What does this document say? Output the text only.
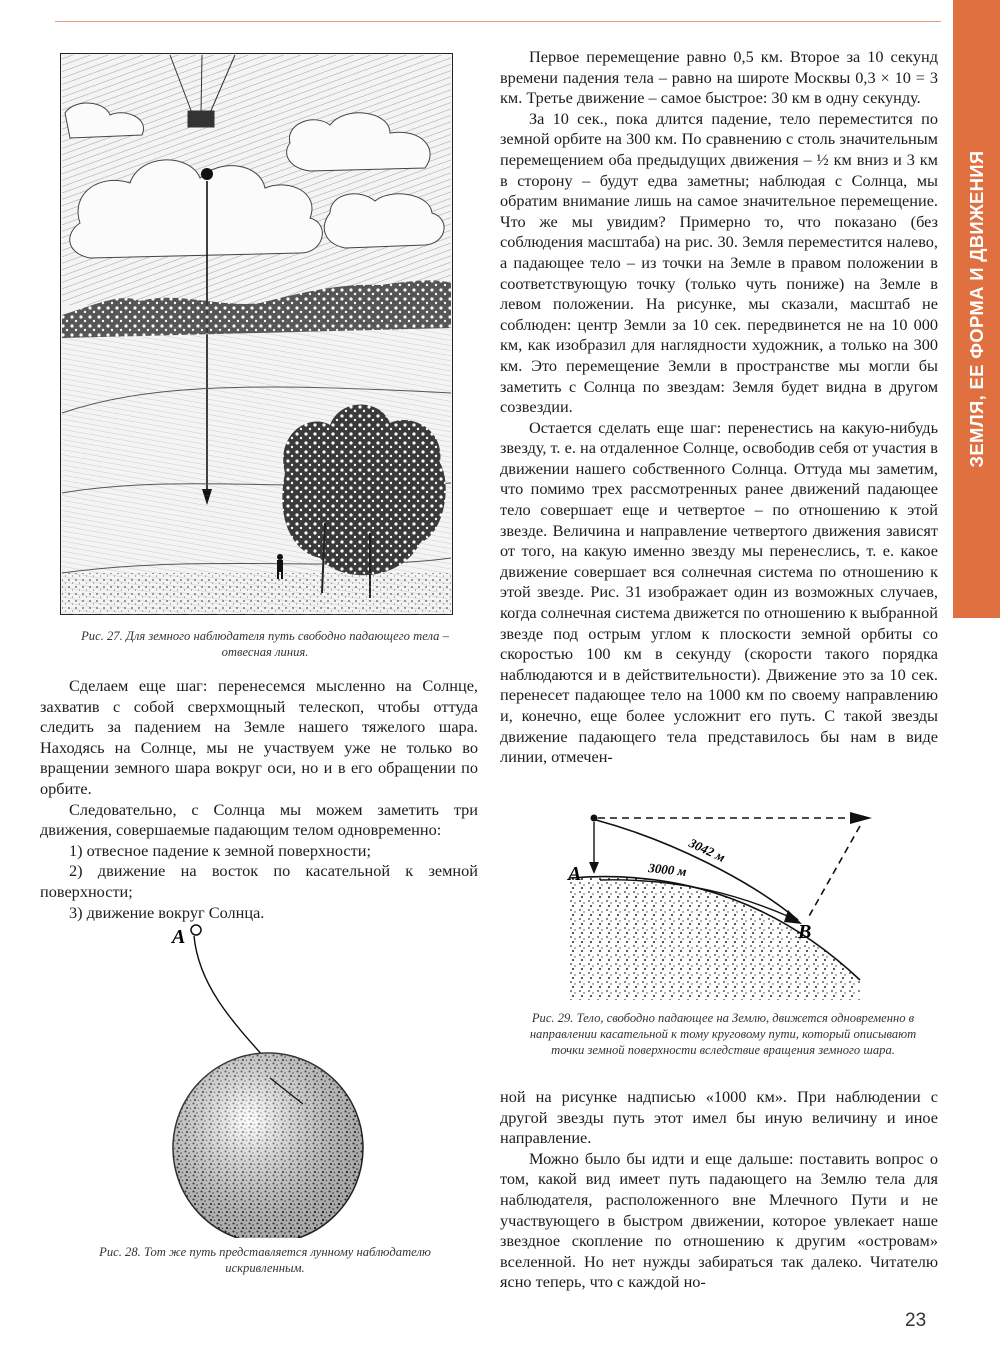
ЗЕМЛЯ, ЕЕ ФОРМА И ДВИЖЕНИЯ
Рис. 27. Для земного наблюдателя путь свободно падающего тела – отвесная линия.

Сделаем еще шаг: перенесемся мысленно на Солнце, захватив с собой сверхмощный телескоп, чтобы оттуда следить за падением на Земле нашего тяжелого шара. Находясь на Солнце, мы не участвуем уже не только во вращении земного шара вокруг оси, но и в его обращении по орбите.

Следовательно, с Солнца мы можем заметить три движения, совершаемые падающим телом одновременно:

1) отвесное падение к земной поверхности;

2) движение на восток по касательной к земной поверхности;

3) движение вокруг Солнца.

А
Рис. 28. Тот же путь представляется лунному наблюдателю искривленным.

Первое перемещение равно 0,5 км. Второе за 10 секунд времени падения тела – равно на широте Москвы 0,3 × 10 = 3 км. Третье движение – самое быстрое: 30 км в одну секунду.

За 10 сек., пока длится падение, тело переместится по земной орбите на 300 км. По сравнению с столь значительным перемещением оба предыдущих движения – ½ км вниз и 3 км в сторону – будут едва заметны; наблюдая с Солнца, мы обратим внимание лишь на самое значительное перемещение. Что же мы увидим? Примерно то, что показано (без соблюдения масштаба) на рис. 30. Земля переместится налево, а падающее тело – из точки на Земле в правом положении в соответствующую точку (только чуть пониже) на Земле в левом положении. На рисунке, мы сказали, масштаб не соблюден: центр Земли за 10 сек. передвинется не на 10 000 км, как изобразил для наглядности художник, а только на 300 км. Это перемещение Земли в пространстве мы могли бы заметить с Солнца по звездам: Земля будет видна в другом созвездии.

Остается сделать еще шаг: перенестись на какую-нибудь звезду, т. е. на отдаленное Солнце, освободив себя от участия в движении нашего собственного Солнца. Оттуда мы заметим, что помимо трех рассмотренных ранее движений падающее тело совершает еще и четвертое – по отношению к этой звезде. Величина и направление четвертого движения зависят от того, на какую именно звезду мы перенеслись, т. е. какое движение совершает вся солнечная система по отношению к этой звезде. Рис. 31 изображает один из возможных случаев, когда солнечная система движется по отношению к выбранной звезде под острым углом к плоскости земной орбиты со скоростью 100 км в секунду (скорости такого порядка наблюдаются и в действительности). Движение это за 10 сек. перенесет падающее тело на 1000 км по своему направлению и, конечно, еще более усложнит его путь. С такой звезды движение падающего тела представилось бы нам в виде линии, отмечен-

А
В
3042 м
3000 м
Рис. 29. Тело, свободно падающее на Землю, движется одновременно в направлении касательной к тому круговому пути, который описывают точки земной поверхности вследствие вращения земного шара.

ной на рисунке надписью «1000 км». При наблюдении с другой звезды путь этот имел бы иную величину и иное направление.

Можно было бы идти и еще дальше: поставить вопрос о том, какой вид имеет путь падающего на Землю тела для наблюдателя, расположенного вне Млечного Пути и не участвующего в быстром движении, которое увлекает наше звездное скопление по отношению к другим «островам» вселенной. Но нет нужды забираться так далеко. Читателю ясно теперь, что с каждой но-

23
